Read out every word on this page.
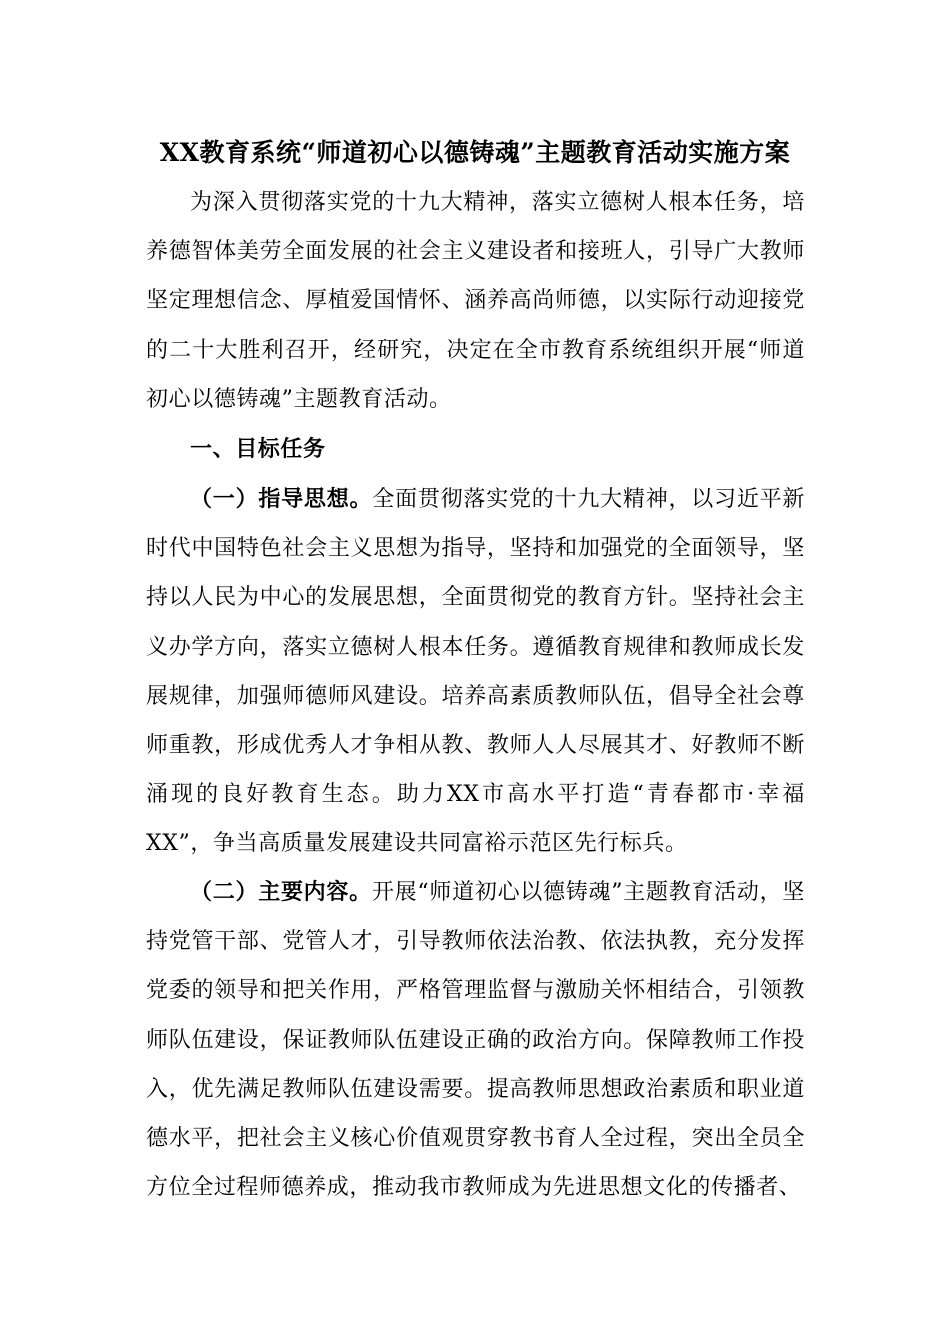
XX教育系统“师道初心以德铸魂”主题教育活动实施方案

为深入贯彻落实党的十九大精神，落实立德树人根本任务，培养德智体美劳全面发展的社会主义建设者和接班人，引导广大教师坚定理想信念、厚植爱国情怀、涵养高尚师德，以实际行动迎接党的二十大胜利召开，经研究，决定在全市教育系统组织开展“师道初心以德铸魂”主题教育活动。

一、目标任务

（一）指导思想。全面贯彻落实党的十九大精神，以习近平新时代中国特色社会主义思想为指导，坚持和加强党的全面领导，坚持以人民为中心的发展思想，全面贯彻党的教育方针。坚持社会主义办学方向，落实立德树人根本任务。遵循教育规律和教师成长发展规律，加强师德师风建设。培养高素质教师队伍，倡导全社会尊师重教，形成优秀人才争相从教、教师人人尽展其才、好教师不断涌现的良好教育生态。助力XX市高水平打造“青春都市·幸福XX”，争当高质量发展建设共同富裕示范区先行标兵。

（二）主要内容。开展“师道初心以德铸魂”主题教育活动，坚持党管干部、党管人才，引导教师依法治教、依法执教，充分发挥党委的领导和把关作用，严格管理监督与激励关怀相结合，引领教师队伍建设，保证教师队伍建设正确的政治方向。保障教师工作投入，优先满足教师队伍建设需要。提高教师思想政治素质和职业道德水平，把社会主义核心价值观贯穿教书育人全过程，突出全员全方位全过程师德养成，推动我市教师成为先进思想文化的传播者、
